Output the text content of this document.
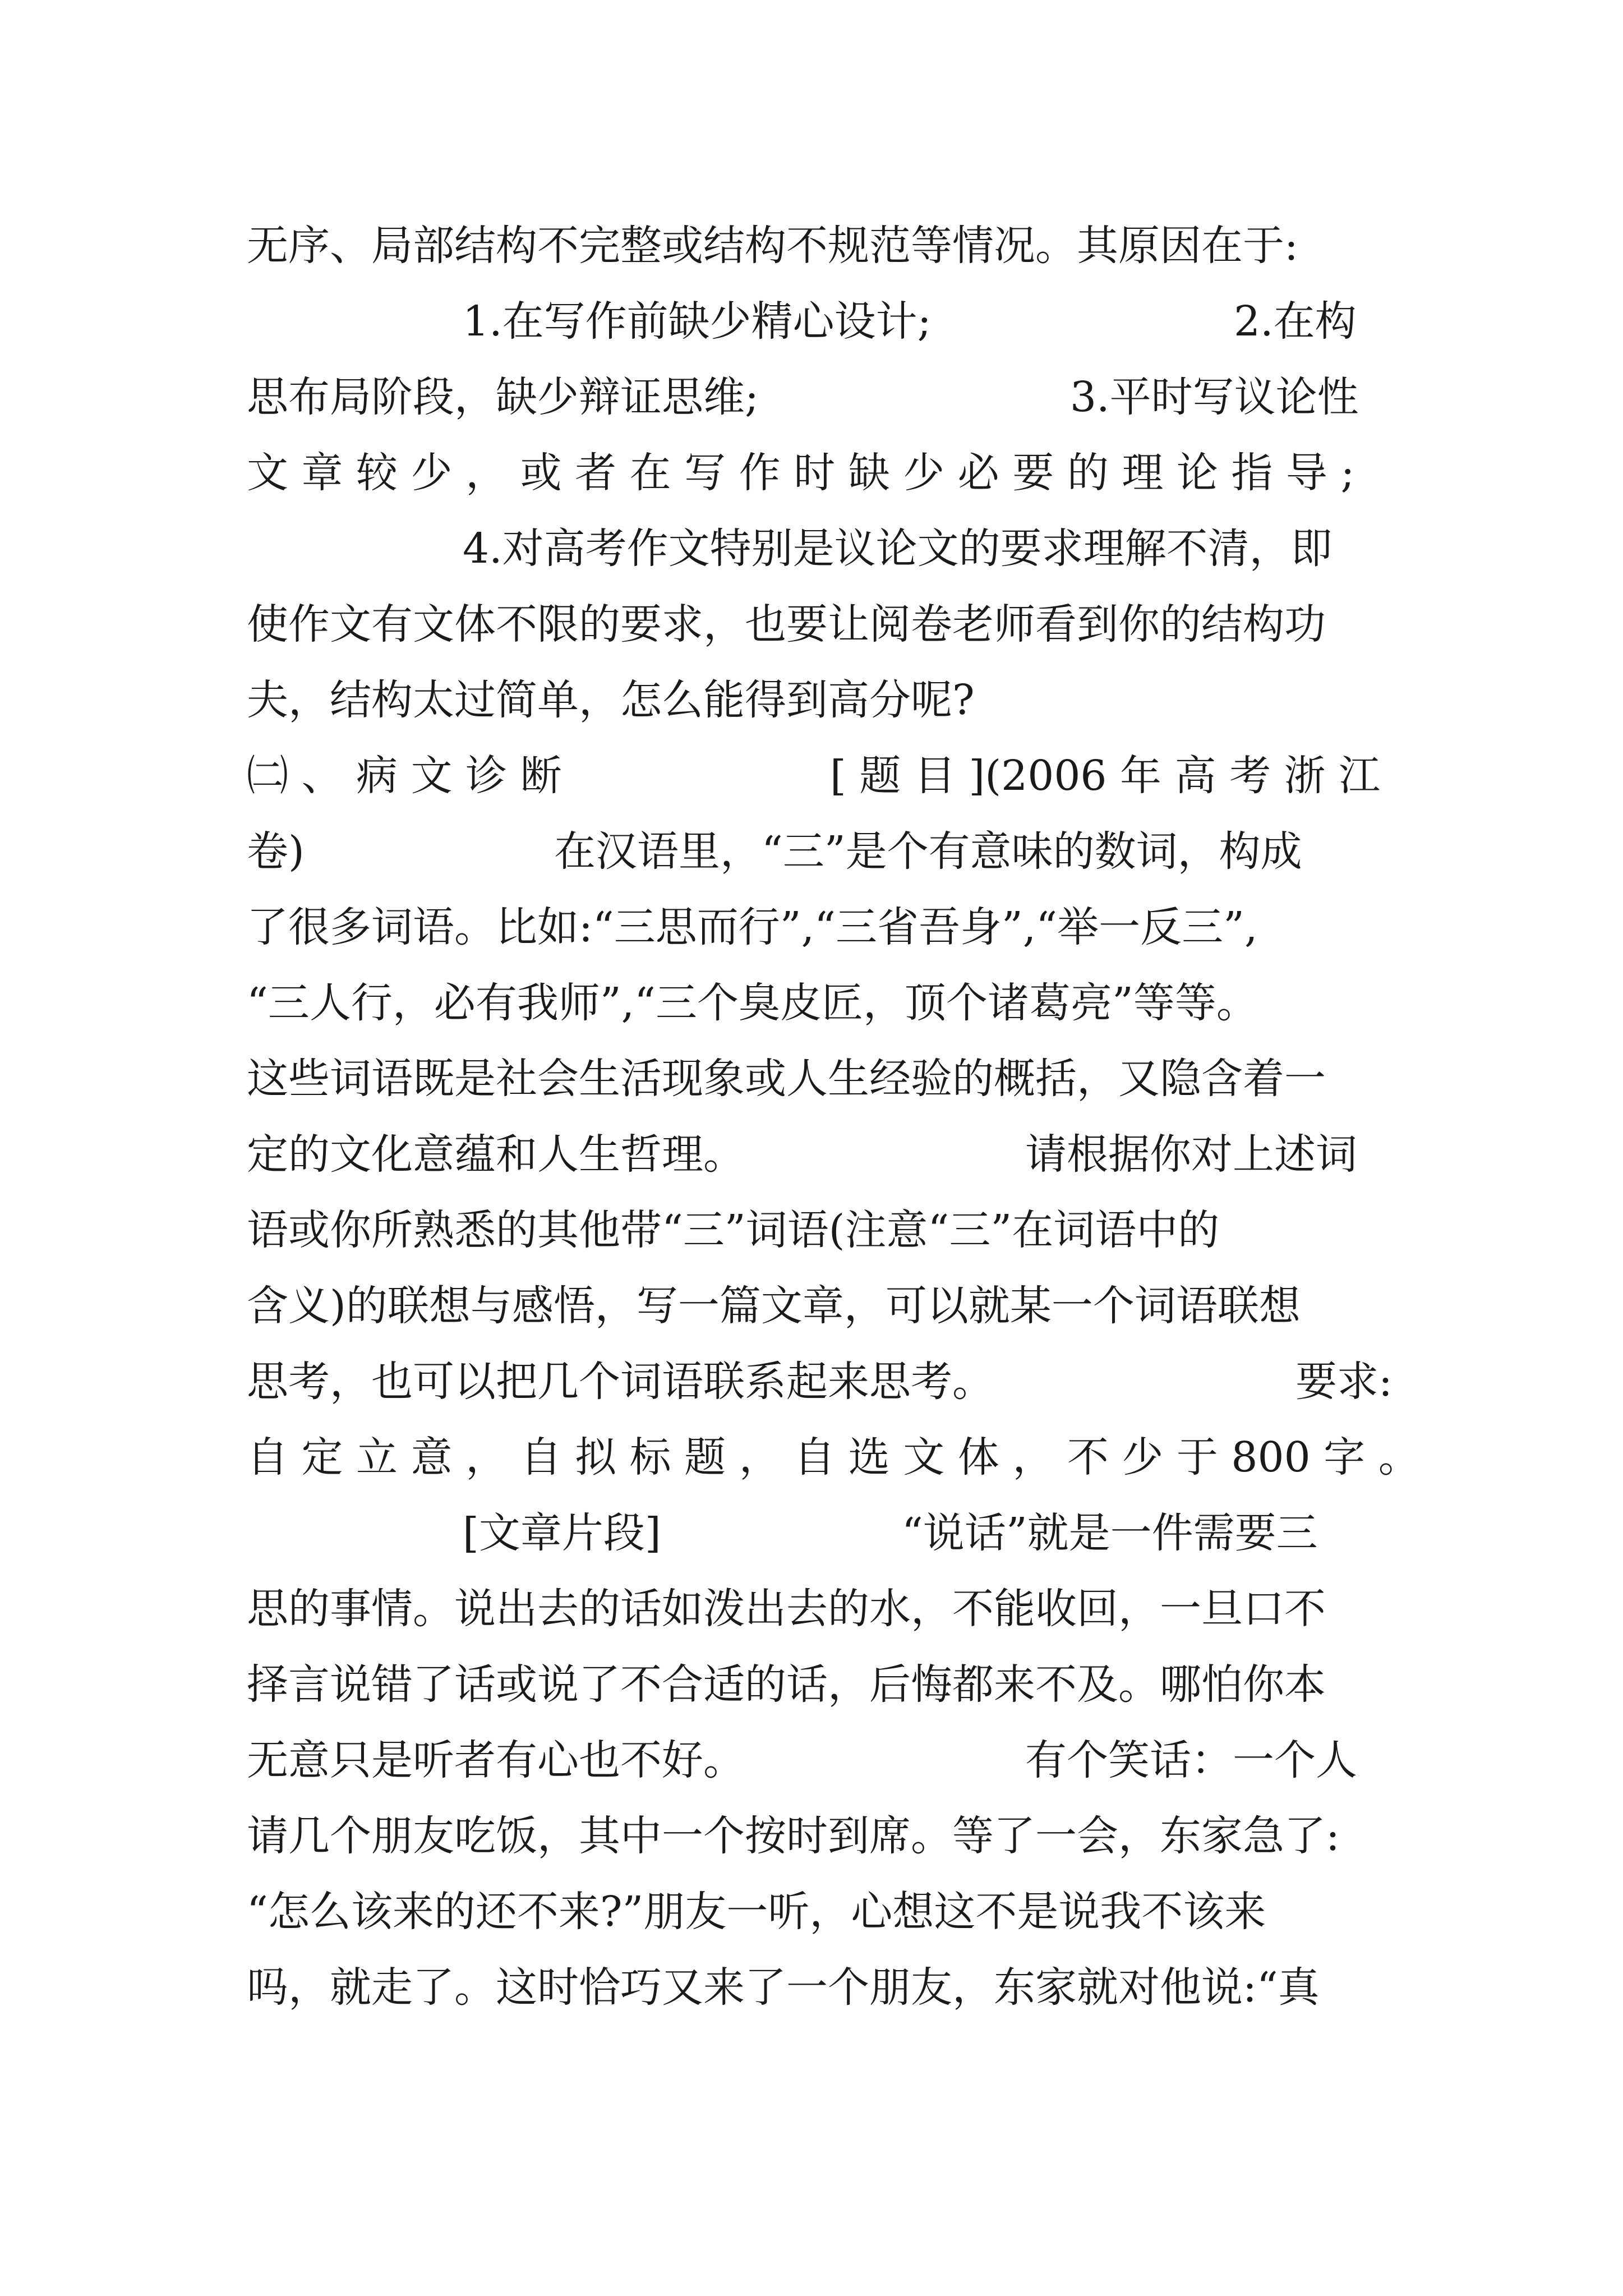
无序、局部结构不完整或结构不规范等情况。其原因在于:
1.在写作前缺少精心设计;	2.在构
思布局阶段，缺少辩证思维;	3.平时写议论性
文 章 较 少 ， 或 者 在 写 作 时 缺 少 必 要 的 理 论 指 导 ;
4.对高考作文特别是议论文的要求理解不清，即
使作文有文体不限的要求，也要让阅卷老师看到你的结构功
夫，结构太过简单，怎么能得到高分呢?
㈡ 、 病 文 诊 断	[ 题 目 ](2006 年 高 考 浙 江
卷)	在汉语里，“三”是个有意味的数词，构成
了很多词语。比如:“三思而行”,“三省吾身”,“举一反三”,
“三人行，必有我师”,“三个臭皮匠，顶个诸葛亮”等等。
这些词语既是社会生活现象或人生经验的概括，又隐含着一
定的文化意蕴和人生哲理。	请根据你对上述词
语或你所熟悉的其他带“三”词语(注意“三”在词语中的
含义)的联想与感悟，写一篇文章，可以就某一个词语联想
思考，也可以把几个词语联系起来思考。	要求:
自 定 立 意 ， 自 拟 标 题 ， 自 选 文 体 ， 不 少 于 800 字 。
[文章片段]	“说话”就是一件需要三
思的事情。说出去的话如泼出去的水，不能收回，一旦口不
择言说错了话或说了不合适的话，后悔都来不及。哪怕你本
无意只是听者有心也不好。	有个笑话：一个人
请几个朋友吃饭，其中一个按时到席。等了一会，东家急了:
“怎么该来的还不来?”朋友一听，心想这不是说我不该来
吗，就走了。这时恰巧又来了一个朋友，东家就对他说:“真
